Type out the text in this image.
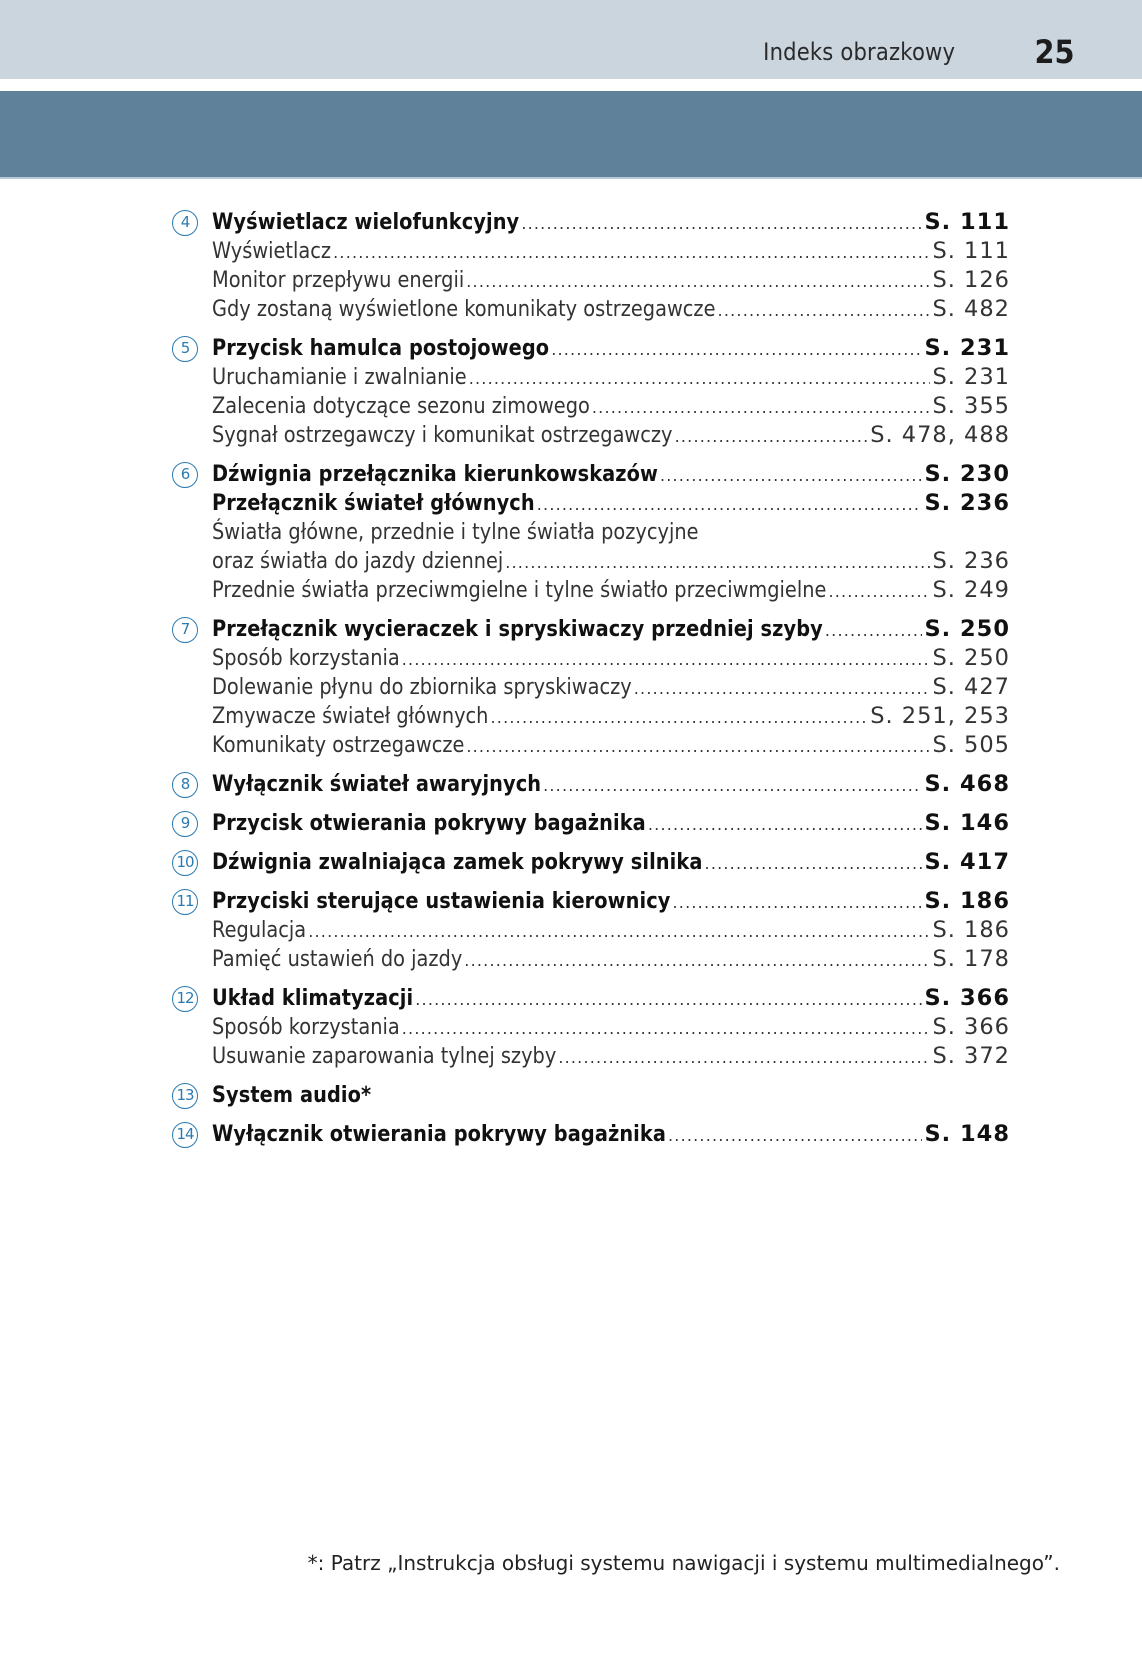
Indeks obrazkowy 25
4	Wyświetlacz wielofunkcyjny .....	S. 111
Wyświetlacz .....	S. 111
Monitor przepływu energii .....	S. 126
Gdy zostaną wyświetlone komunikaty ostrzegawcze .....	S. 482
5	Przycisk hamulca postojowego .....	S. 231
Uruchamianie i zwalnianie .....	S. 231
Zalecenia dotyczące sezonu zimowego .....	S. 355
Sygnał ostrzegawczy i komunikat ostrzegawczy .....	S. 478, 488
6	Dźwignia przełącznika kierunkowskazów .....	S. 230
Przełącznik świateł głównych .....	S. 236
Światła główne, przednie i tylne światła pozycyjne
oraz światła do jazdy dziennej .....	S. 236
Przednie światła przeciwmgielne i tylne światło przeciwmgielne .....	S. 249
7	Przełącznik wycieraczek i spryskiwaczy przedniej szyby .....	S. 250
Sposób korzystania .....	S. 250
Dolewanie płynu do zbiornika spryskiwaczy .....	S. 427
Zmywacze świateł głównych .....	S. 251, 253
Komunikaty ostrzegawcze .....	S. 505
8	Wyłącznik świateł awaryjnych .....	S. 468
9	Przycisk otwierania pokrywy bagażnika .....	S. 146
10 Dźwignia zwalniająca zamek pokrywy silnika .....	S. 417
11 Przyciski sterujące ustawienia kierownicy .....	S. 186
Regulacja .....	S. 186
Pamięć ustawień do jazdy .....	S. 178
12 Układ klimatyzacji .....	S. 366
Sposób korzystania .....	S. 366
Usuwanie zaparowania tylnej szyby .....	S. 372
13 System audio*
14 Wyłącznik otwierania pokrywy bagażnika .....	S. 148
*: Patrz „Instrukcja obsługi systemu nawigacji i systemu multimedialnego”.
